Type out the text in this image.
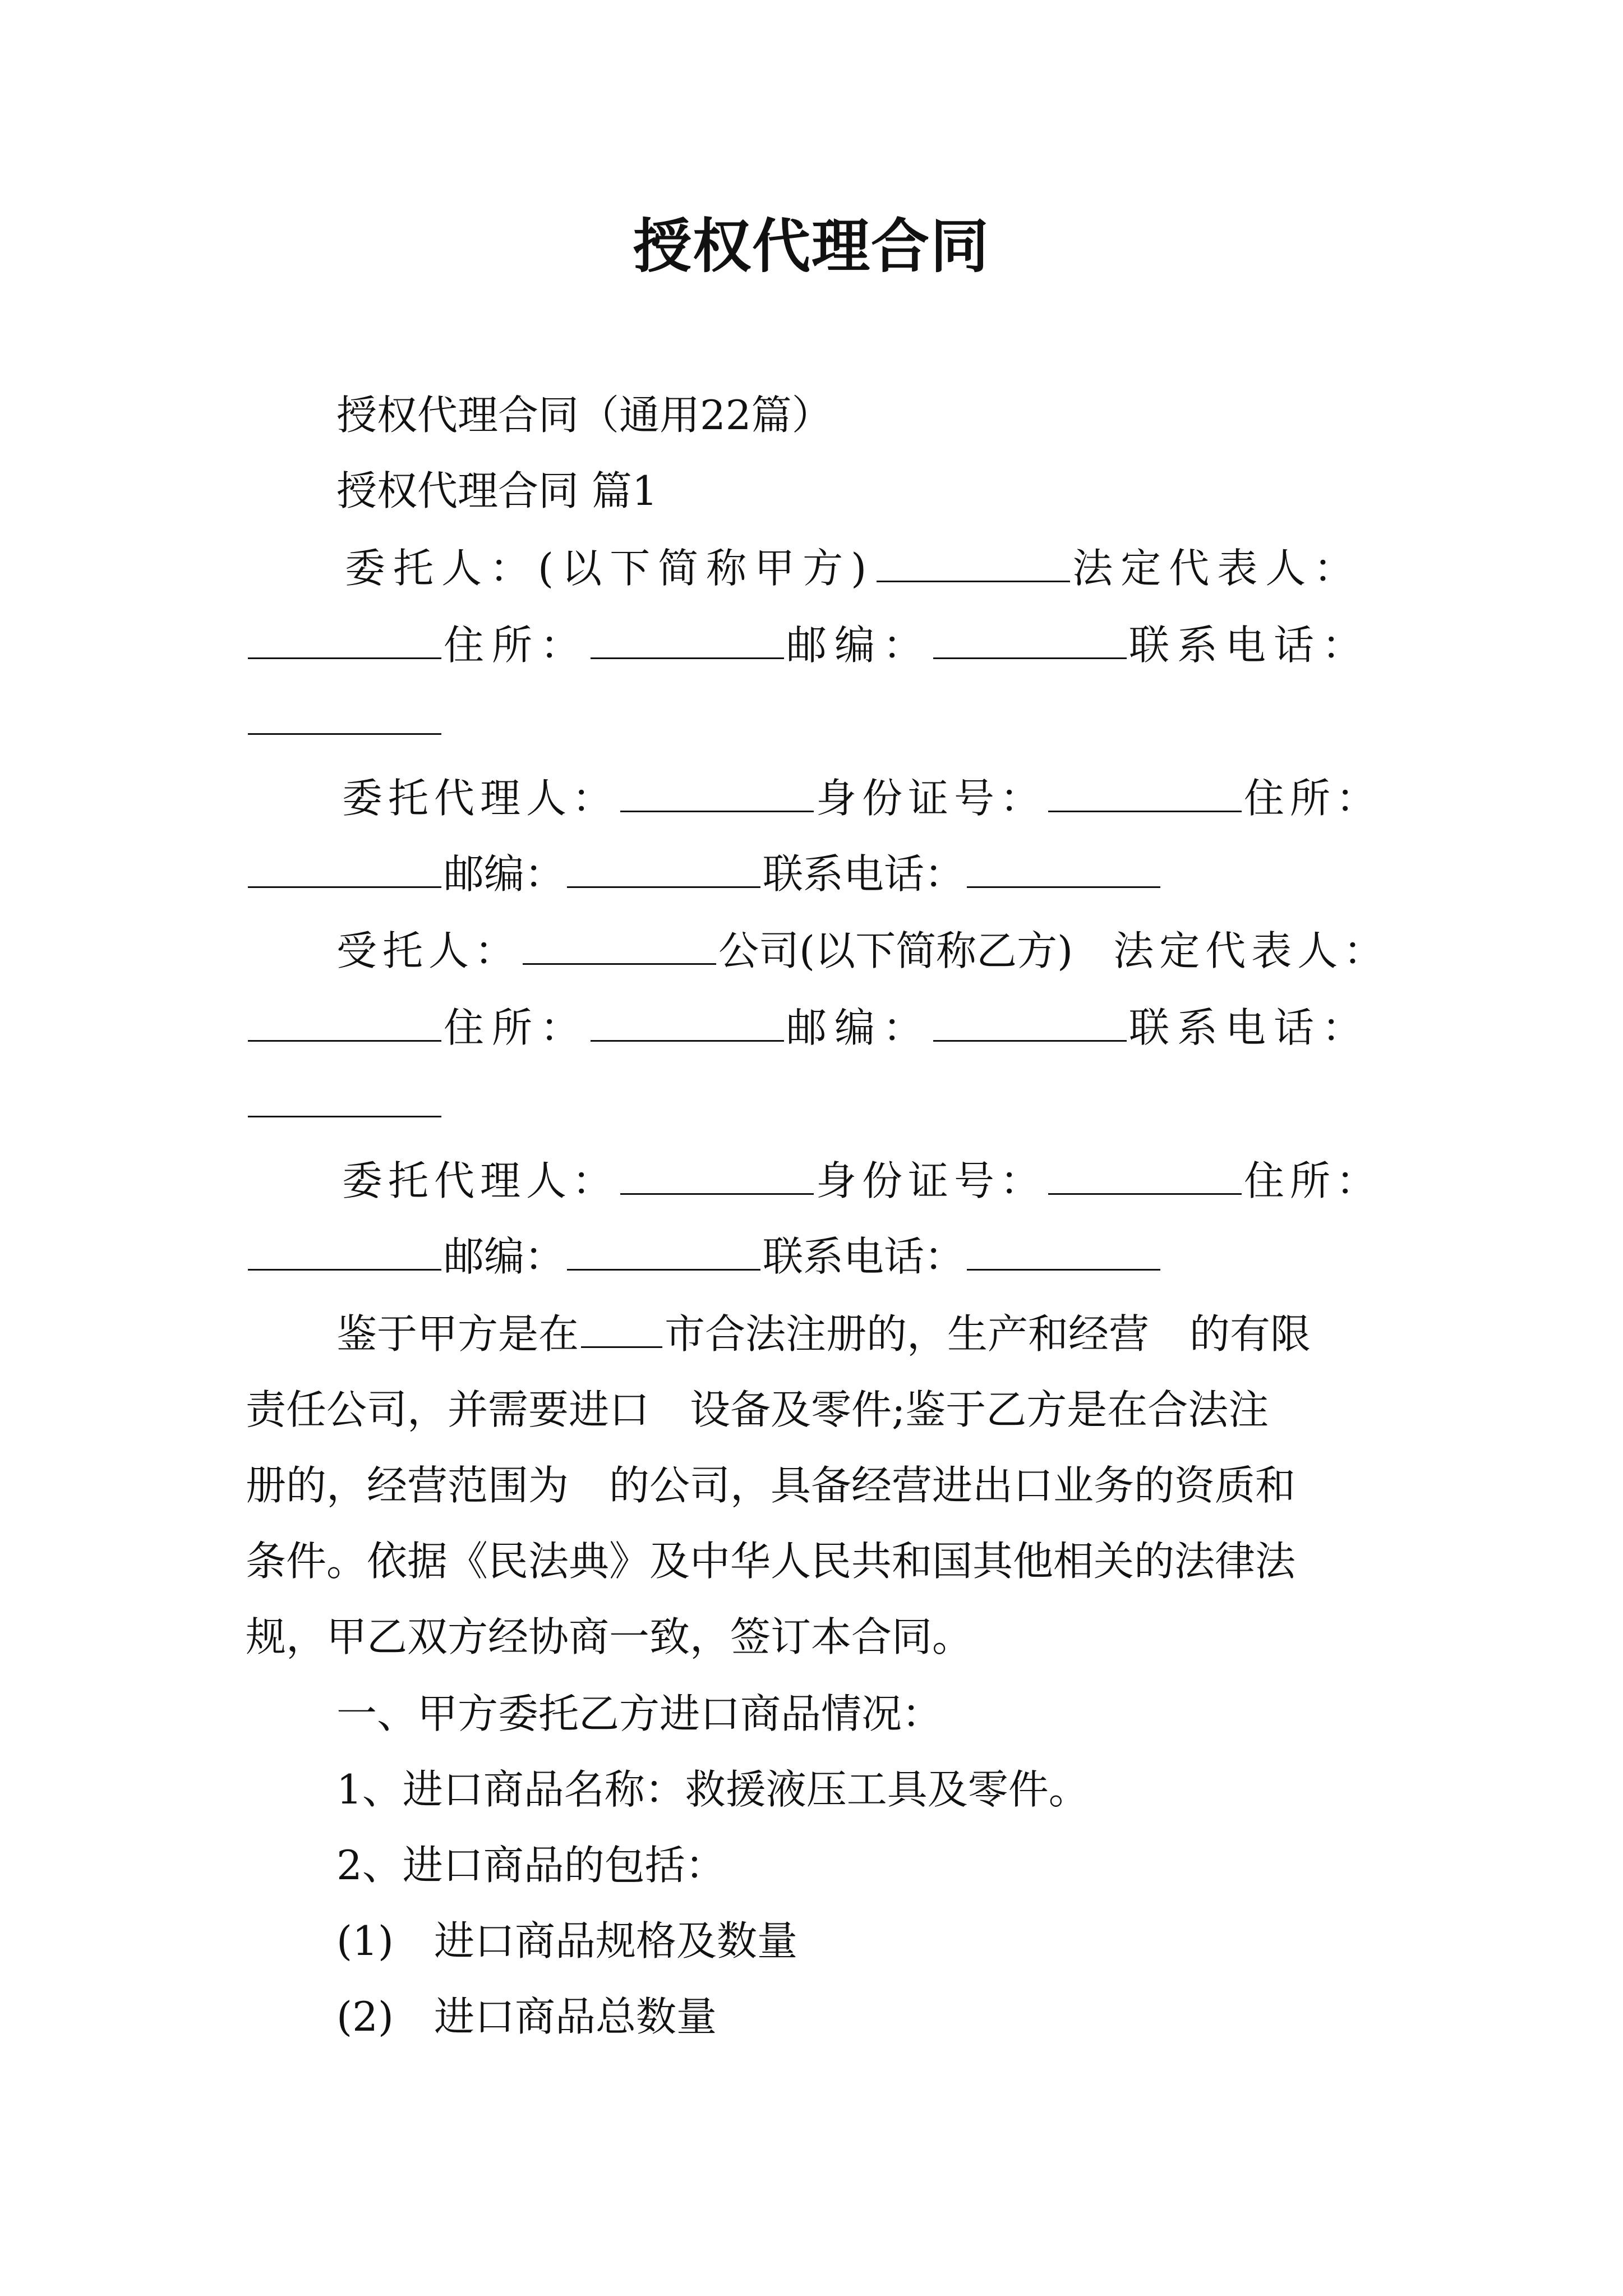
授权代理合同

授权代理合同（通用22篇）

授权代理合同 篇1

委托人：(以下简称甲方)	法定代表人：

住所：	邮编：	联系电话：

委托代理人：	身份证号：	住所：

邮编：	联系电话：

受托人：	公司(以下简称乙方) 法定代表人：

住所：	邮编：	联系电话：

委托代理人：	身份证号：	住所：

邮编：	联系电话：

鉴于甲方是在 市合法注册的，生产和经营 的有限

责任公司，并需要进口 设备及零件;鉴于乙方是在合法注

册的，经营范围为 的公司，具备经营进出口业务的资质和

条件。依据《民法典》及中华人民共和国其他相关的法律法

规，甲乙双方经协商一致，签订本合同。

一、甲方委托乙方进口商品情况：

1、进口商品名称：救援液压工具及零件。

2、进口商品的包括：

(1) 进口商品规格及数量

(2) 进口商品总数量
